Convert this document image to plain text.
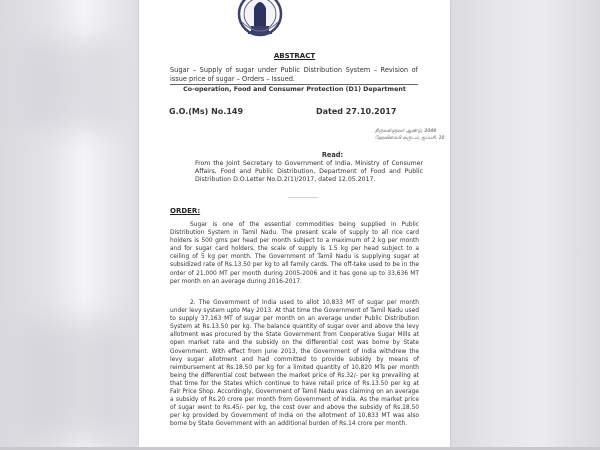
ABSTRACT
Sugar – Supply of sugar under Public Distribution System – Revision of issue price of sugar – Orders – Issued.
Co-operation, Food and Consumer Protection (D1) Department
G.O.(Ms) No.149	Dated 27.10.2017
திருவள்ளுவர் ஆண்டு, 2048
ஹேவிளம்பி வருடம், ஐப்பசி, 10
Read:
From the Joint Secretary to Government of India, Ministry of Consumer Affairs, Food and Public Distribution, Department of Food and Public Distribution D.O.Letter No.D.2(1)/2017, dated 12.05.2017.
---------------
ORDER:

Sugar is one of the essential commodities being supplied in Public Distribution System in Tamil Nadu. The present scale of supply to all rice card holders is 500 gms per head per month subject to a maximum of 2 kg per month and for sugar card holders, the scale of supply is 1.5 kg per head subject to a ceiling of 5 kg per month. The Government of Tamil Nadu is supplying sugar at subsidized rate of Rs.13.50 per kg to all family cards. The off-take used to be in the order of 21,000 MT per month during 2005-2006 and it has gone up to 33,636 MT per month on an average during 2016-2017.

2. The Government of India used to allot 10,833 MT of sugar per month under levy system upto May 2013. At that time the Government of Tamil Nadu used to supply 37,163 MT of sugar per month on an average under Public Distribution System at Rs.13.50 per kg. The balance quantity of sugar over and above the levy allotment was procured by the State Government from Cooperative Sugar Mills at open market rate and the subsidy on the differential cost was borne by State Government. With effect from June 2013, the Government of India withdrew the levy sugar allotment and had committed to provide subsidy by means of reimbursement at Rs.18.50 per kg for a limited quantity of 10,820 MTs per month being the differential cost between the market price of Rs.32/- per kg prevailing at that time for the States which continue to have retail price of Rs.13.50 per kg at Fair Price Shop. Accordingly, Government of Tamil Nadu was claiming on an average a subsidy of Rs.20 crore per month from Government of India. As the market price of sugar went to Rs.45/- per kg, the cost over and above the subsidy of Rs.18.50 per kg provided by Government of India on the allotment of 10,833 MT was also borne by State Government with an additional burden of Rs.14 crore per month.
